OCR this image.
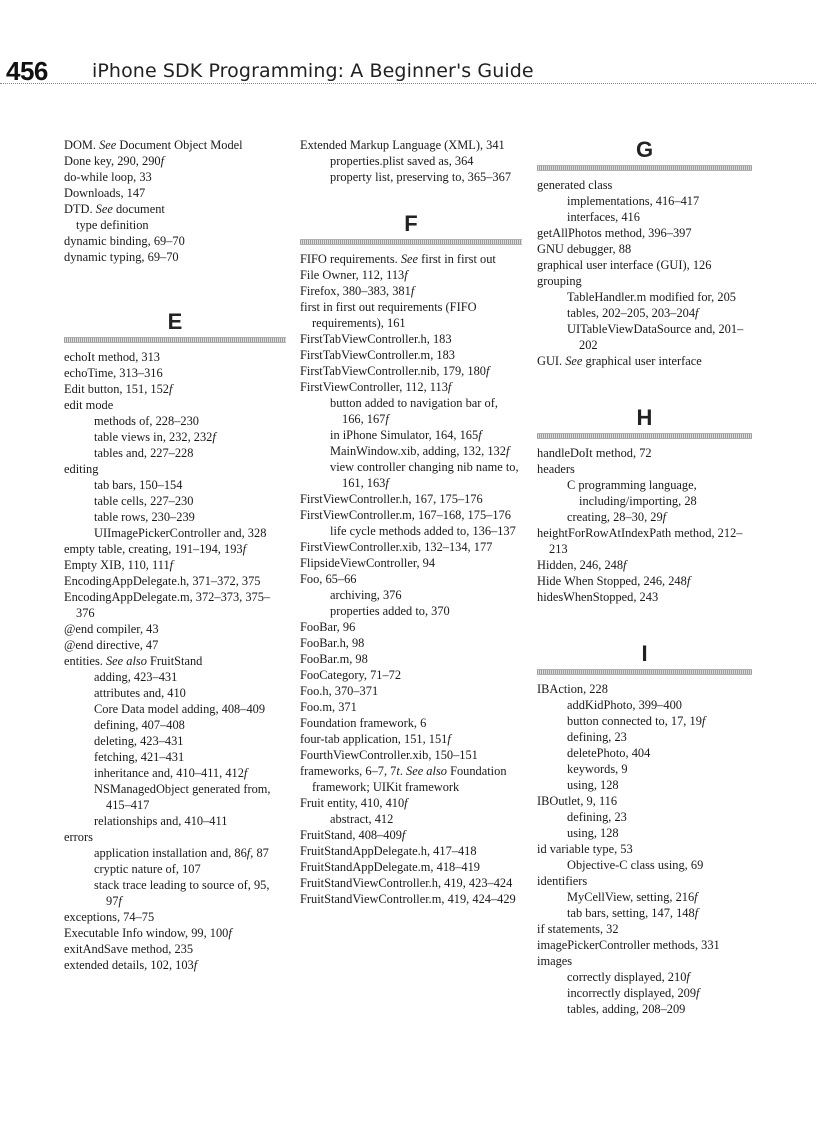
456 iPhone SDK Programming: A Beginner's Guide
DOM. See Document Object Model
Done key, 290, 290f
do-while loop, 33
Downloads, 147
DTD. See document
type definition
dynamic binding, 69–70
dynamic typing, 69–70
E
echoIt method, 313
echoTime, 313–316
Edit button, 151, 152f
edit mode
methods of, 228–230
table views in, 232, 232f
tables and, 227–228
editing
tab bars, 150–154
table cells, 227–230
table rows, 230–239
UIImagePickerController and, 328
empty table, creating, 191–194, 193f
Empty XIB, 110, 111f
EncodingAppDelegate.h, 371–372, 375
EncodingAppDelegate.m, 372–373, 375–376
@end compiler, 43
@end directive, 47
entities. See also FruitStand
adding, 423–431
attributes and, 410
Core Data model adding, 408–409
defining, 407–408
deleting, 423–431
fetching, 421–431
inheritance and, 410–411, 412f
NSManagedObject generated from, 415–417
relationships and, 410–411
errors
application installation and, 86f, 87
cryptic nature of, 107
stack trace leading to source of, 95, 97f
exceptions, 74–75
Executable Info window, 99, 100f
exitAndSave method, 235
extended details, 102, 103f
Extended Markup Language (XML), 341
properties.plist saved as, 364
property list, preserving to, 365–367
F
FIFO requirements. See first in first out
File Owner, 112, 113f
Firefox, 380–383, 381f
first in first out requirements (FIFO requirements), 161
FirstTabViewController.h, 183
FirstTabViewController.m, 183
FirstTabViewController.nib, 179, 180f
FirstViewController, 112, 113f
button added to navigation bar of, 166, 167f
in iPhone Simulator, 164, 165f
MainWindow.xib, adding, 132, 132f
view controller changing nib name to, 161, 163f
FirstViewController.h, 167, 175–176
FirstViewController.m, 167–168, 175–176
life cycle methods added to, 136–137
FirstViewController.xib, 132–134, 177
FlipsideViewController, 94
Foo, 65–66
archiving, 376
properties added to, 370
FooBar, 96
FooBar.h, 98
FooBar.m, 98
FooCategory, 71–72
Foo.h, 370–371
Foo.m, 371
Foundation framework, 6
four-tab application, 151, 151f
FourthViewController.xib, 150–151
frameworks, 6–7, 7t. See also Foundation framework; UIKit framework
Fruit entity, 410, 410f
abstract, 412
FruitStand, 408–409f
FruitStandAppDelegate.h, 417–418
FruitStandAppDelegate.m, 418–419
FruitStandViewController.h, 419, 423–424
FruitStandViewController.m, 419, 424–429
G
generated class
implementations, 416–417
interfaces, 416
getAllPhotos method, 396–397
GNU debugger, 88
graphical user interface (GUI), 126
grouping
TableHandler.m modified for, 205
tables, 202–205, 203–204f
UITableViewDataSource and, 201–202
GUI. See graphical user interface
H
handleDoIt method, 72
headers
C programming language, including/importing, 28
creating, 28–30, 29f
heightForRowAtIndexPath method, 212–213
Hidden, 246, 248f
Hide When Stopped, 246, 248f
hidesWhenStopped, 243
I
IBAction, 228
addKidPhoto, 399–400
button connected to, 17, 19f
defining, 23
deletePhoto, 404
keywords, 9
using, 128
IBOutlet, 9, 116
defining, 23
using, 128
id variable type, 53
Objective-C class using, 69
identifiers
MyCellView, setting, 216f
tab bars, setting, 147, 148f
if statements, 32
imagePickerController methods, 331
images
correctly displayed, 210f
incorrectly displayed, 209f
tables, adding, 208–209
